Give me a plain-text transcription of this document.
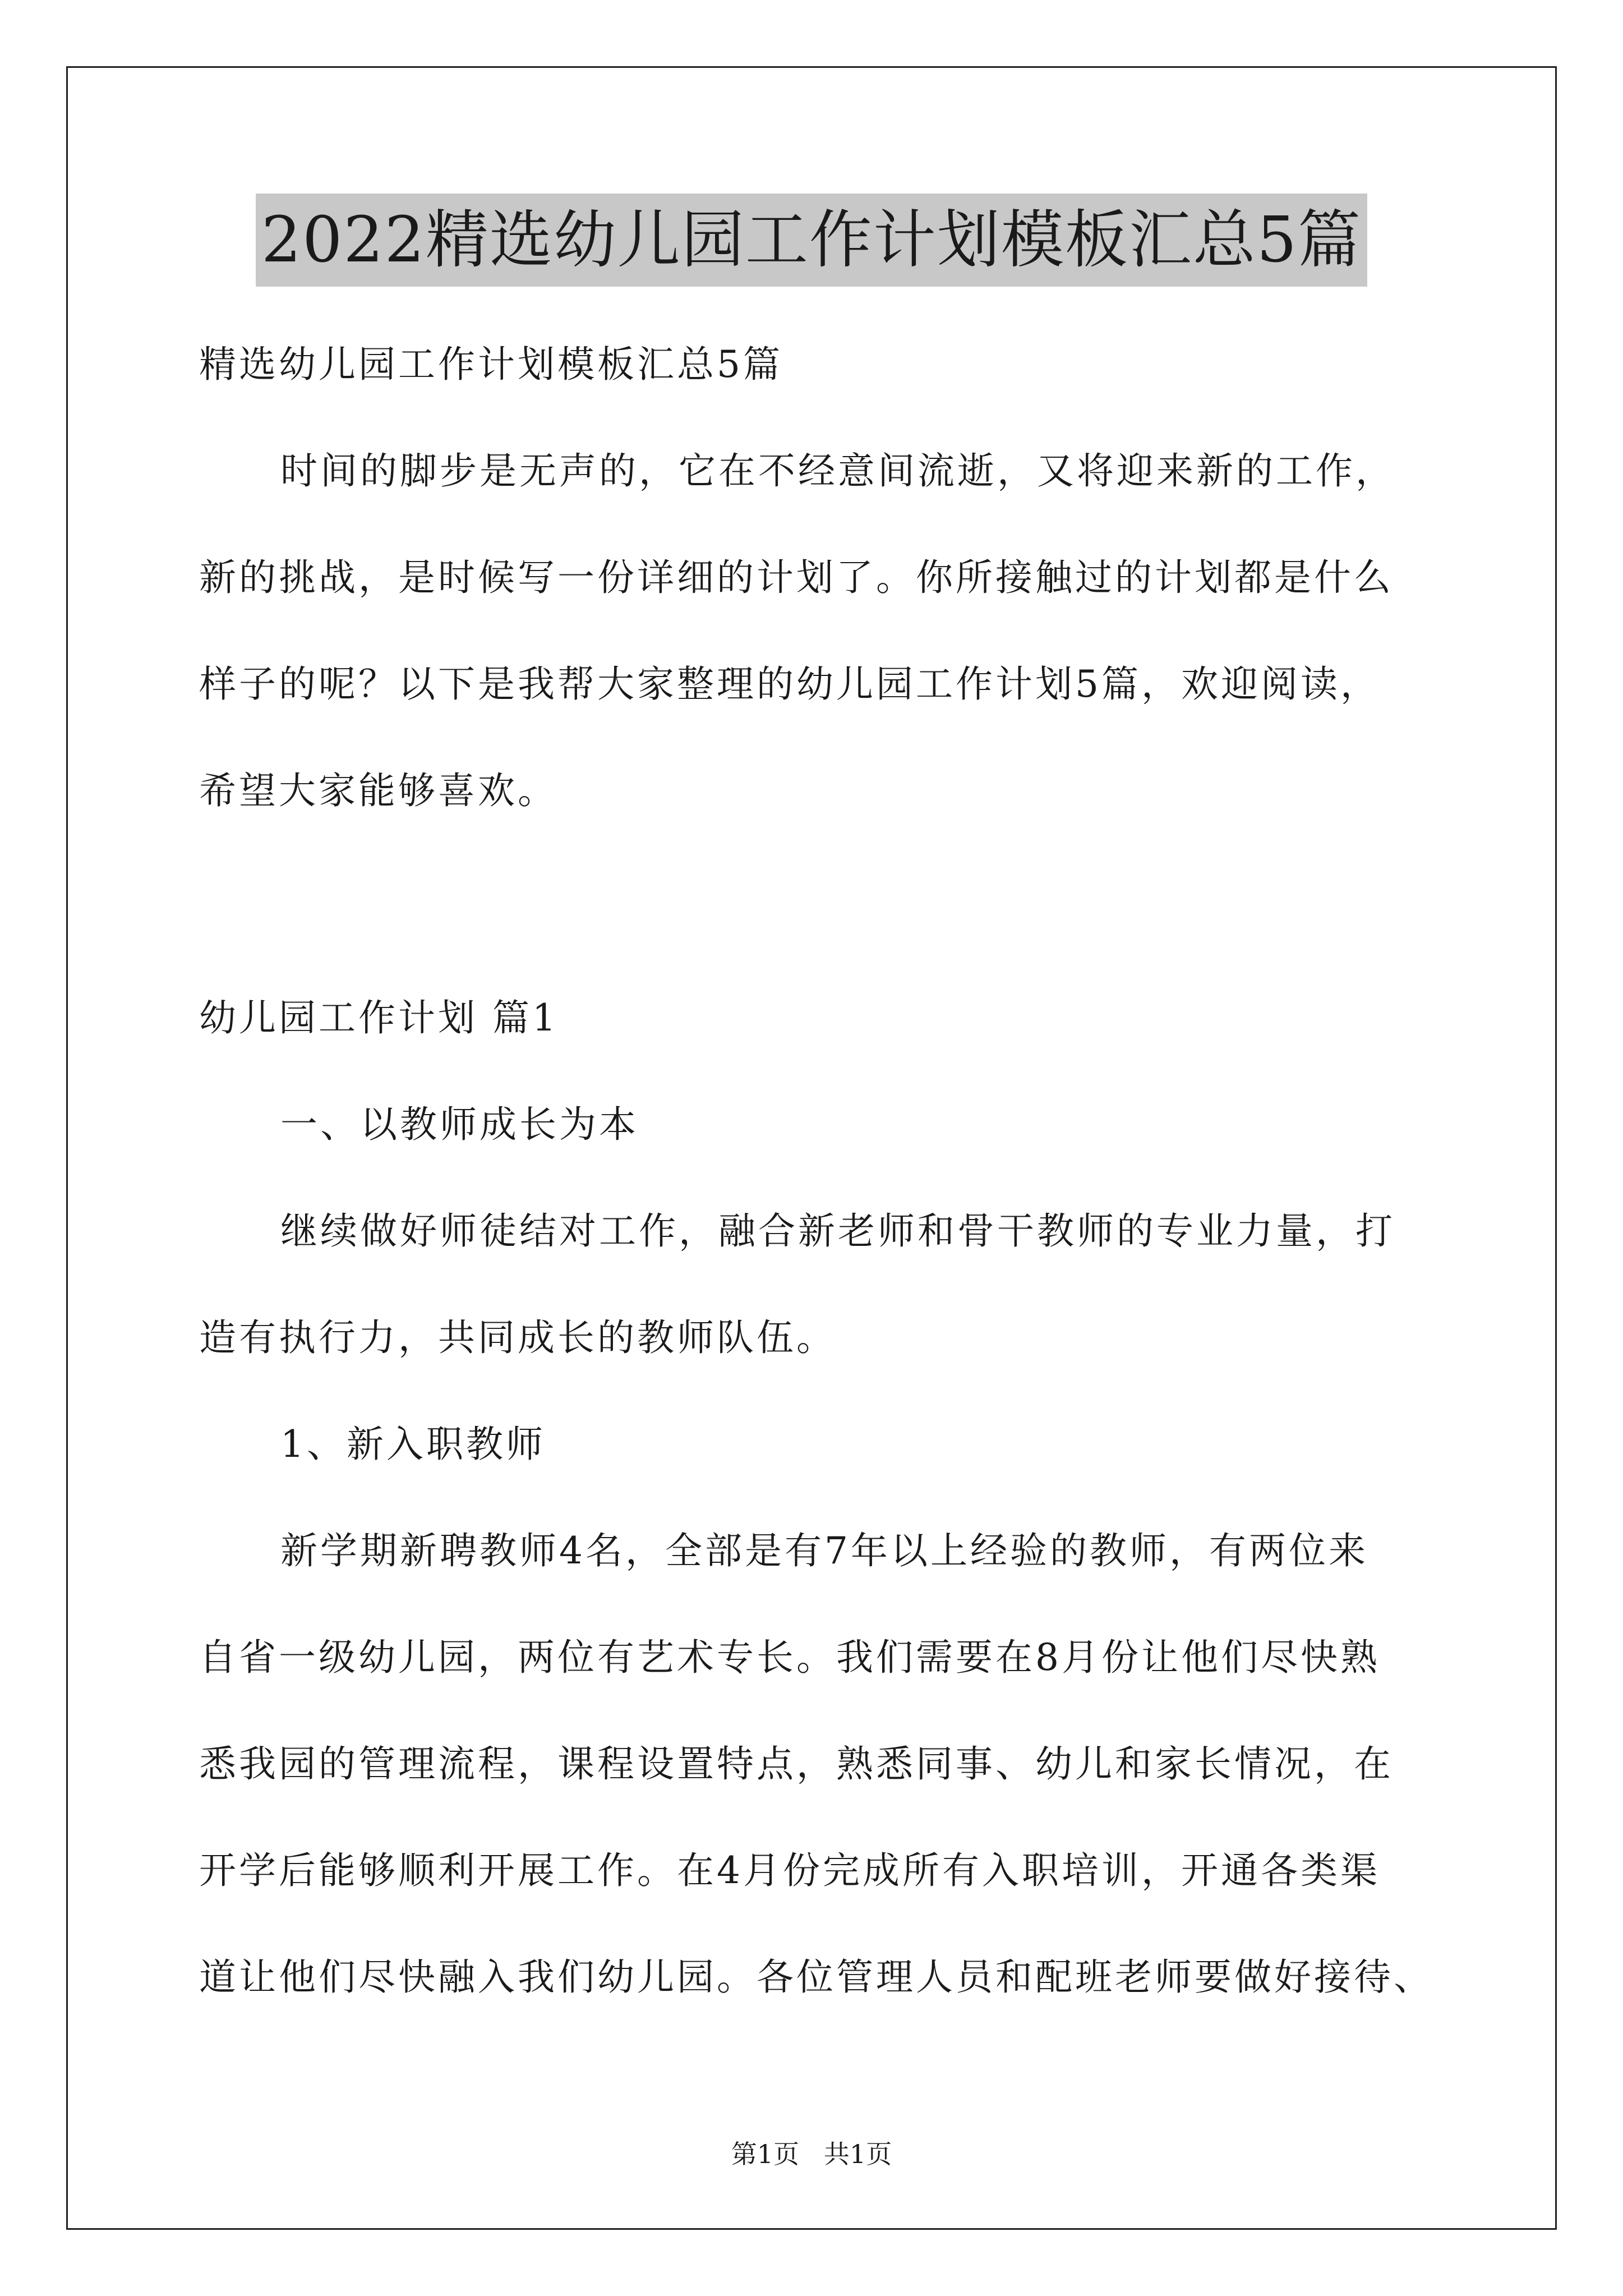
2022精选幼儿园工作计划模板汇总5篇
精选幼儿园工作计划模板汇总5篇
时间的脚步是无声的，它在不经意间流逝，又将迎来新的工作，
新的挑战，是时候写一份详细的计划了。你所接触过的计划都是什么
样子的呢？以下是我帮大家整理的幼儿园工作计划5篇，欢迎阅读，
希望大家能够喜欢。
幼儿园工作计划 篇1
一、以教师成长为本
继续做好师徒结对工作，融合新老师和骨干教师的专业力量，打
造有执行力，共同成长的教师队伍。
1、新入职教师
新学期新聘教师4名，全部是有7年以上经验的教师，有两位来
自省一级幼儿园，两位有艺术专长。我们需要在8月份让他们尽快熟
悉我园的管理流程，课程设置特点，熟悉同事、幼儿和家长情况，在
开学后能够顺利开展工作。在4月份完成所有入职培训，开通各类渠
道让他们尽快融入我们幼儿园。各位管理人员和配班老师要做好接待、
第1页   共1页
